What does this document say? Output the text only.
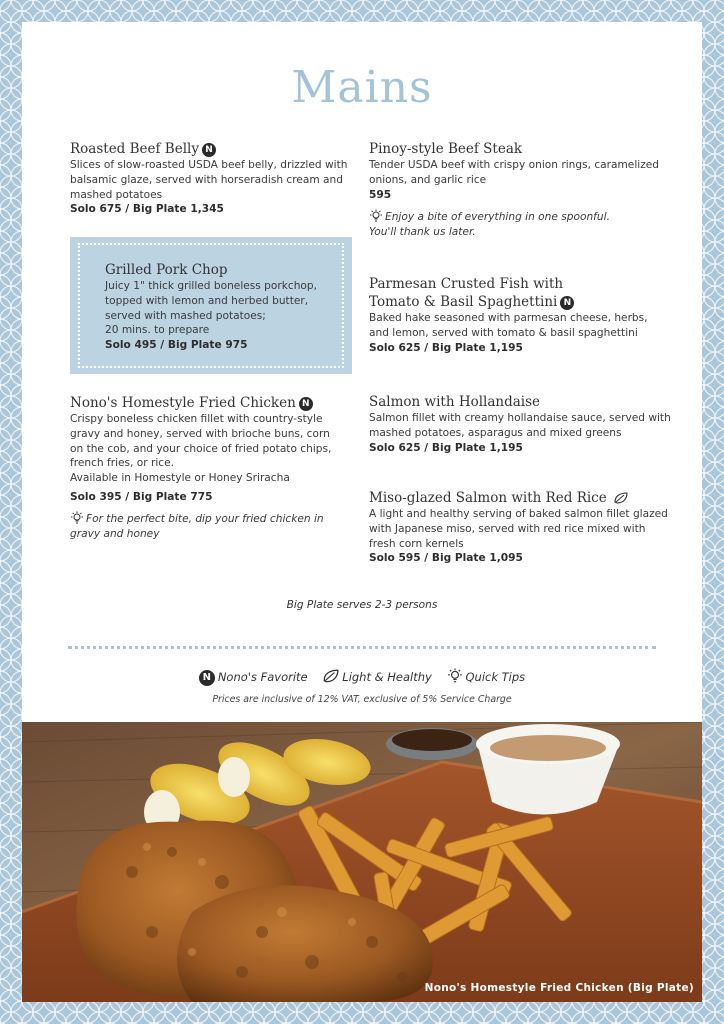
Mains
Roasted Beef Belly N
Slices of slow-roasted USDA beef belly, drizzled with balsamic glaze, served with horseradish cream and mashed potatoes
Solo 675 / Big Plate 1,345
Pinoy-style Beef Steak
Tender USDA beef with crispy onion rings, caramelized onions, and garlic rice
595
Enjoy a bite of everything in one spoonful. You'll thank us later.
Grilled Pork Chop
Juicy 1" thick grilled boneless porkchop, topped with lemon and herbed butter, served with mashed potatoes;
20 mins. to prepare
Solo 495 / Big Plate 975
Parmesan Crusted Fish with Tomato & Basil Spaghettini N
Baked hake seasoned with parmesan cheese, herbs, and lemon, served with tomato & basil spaghettini
Solo 625 / Big Plate 1,195
Nono's Homestyle Fried Chicken N
Crispy boneless chicken fillet with country-style gravy and honey, served with brioche buns, corn on the cob, and your choice of fried potato chips, french fries, or rice.
Available in Homestyle or Honey Sriracha
Solo 395 / Big Plate 775
For the perfect bite, dip your fried chicken in gravy and honey
Salmon with Hollandaise
Salmon fillet with creamy hollandaise sauce, served with mashed potatoes, asparagus and mixed greens
Solo 625 / Big Plate 1,195
Miso-glazed Salmon with Red Rice
A light and healthy serving of baked salmon fillet glazed with Japanese miso, served with red rice mixed with fresh corn kernels
Solo 595 / Big Plate 1,095
Big Plate serves 2-3 persons
N Nono's Favorite	Light & Healthy	Quick Tips
Prices are inclusive of 12% VAT, exclusive of 5% Service Charge
Nono's Homestyle Fried Chicken (Big Plate)
